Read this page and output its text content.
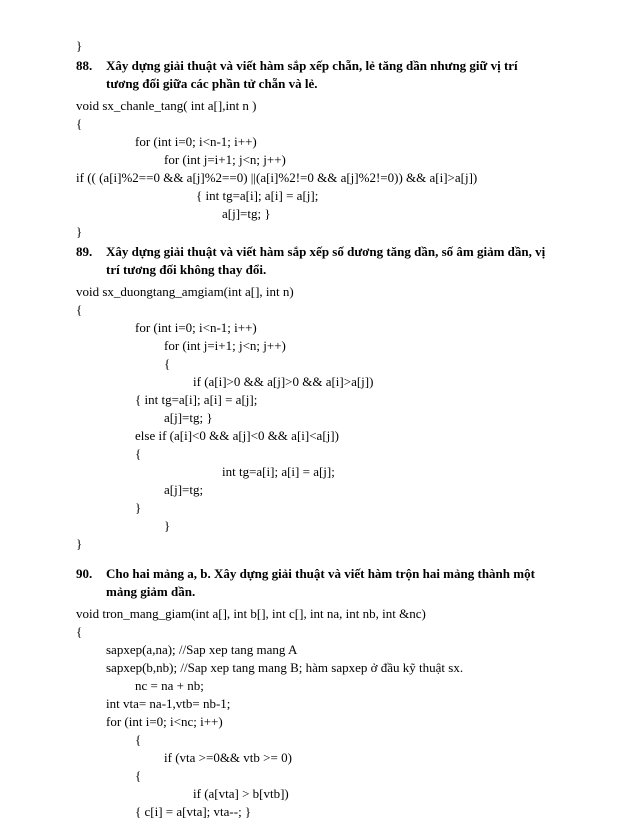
}
88. Xây dựng giải thuật và viết hàm sắp xếp chẵn, lẻ tăng dần nhưng giữ vị trí
tương đối giữa các phần tử chẵn và lẻ.
void sx_chanle_tang( int a[],int n )
{
for (int i=0; i<n-1; i++)
for (int j=i+1; j<n; j++)
if (( (a[i]%2==0 && a[j]%2==0) ||(a[i]%2!=0 && a[j]%2!=0)) && a[i]>a[j])
{ int tg=a[i]; a[i] = a[j];
a[j]=tg; }
}
89. Xây dựng giải thuật và viết hàm sắp xếp số dương tăng dần, số âm giảm dần, vị
trí tương đối không thay đổi.
void sx_duongtang_amgiam(int a[], int n)
{
for (int i=0; i<n-1; i++)
for (int j=i+1; j<n; j++)
{
if (a[i]>0 && a[j]>0 && a[i]>a[j])
{ int tg=a[i]; a[i] = a[j];
a[j]=tg; }
else if (a[i]<0 && a[j]<0 && a[i]<a[j])
{
int tg=a[i]; a[i] = a[j];
a[j]=tg;
}
}
}
90. Cho hai mảng a, b. Xây dựng giải thuật và viết hàm trộn hai mảng thành một
mảng giảm dần.
void tron_mang_giam(int a[], int b[], int c[], int na, int nb, int &nc)
{
sapxep(a,na); //Sap xep tang mang A
sapxep(b,nb); //Sap xep tang mang B; hàm sapxep ở đầu kỹ thuật sx.
nc = na + nb;
int vta= na-1,vtb= nb-1;
for (int i=0; i<nc; i++)
{
if (vta >=0&& vtb >= 0)
{
if (a[vta] > b[vtb])
{ c[i] = a[vta]; vta--; }
